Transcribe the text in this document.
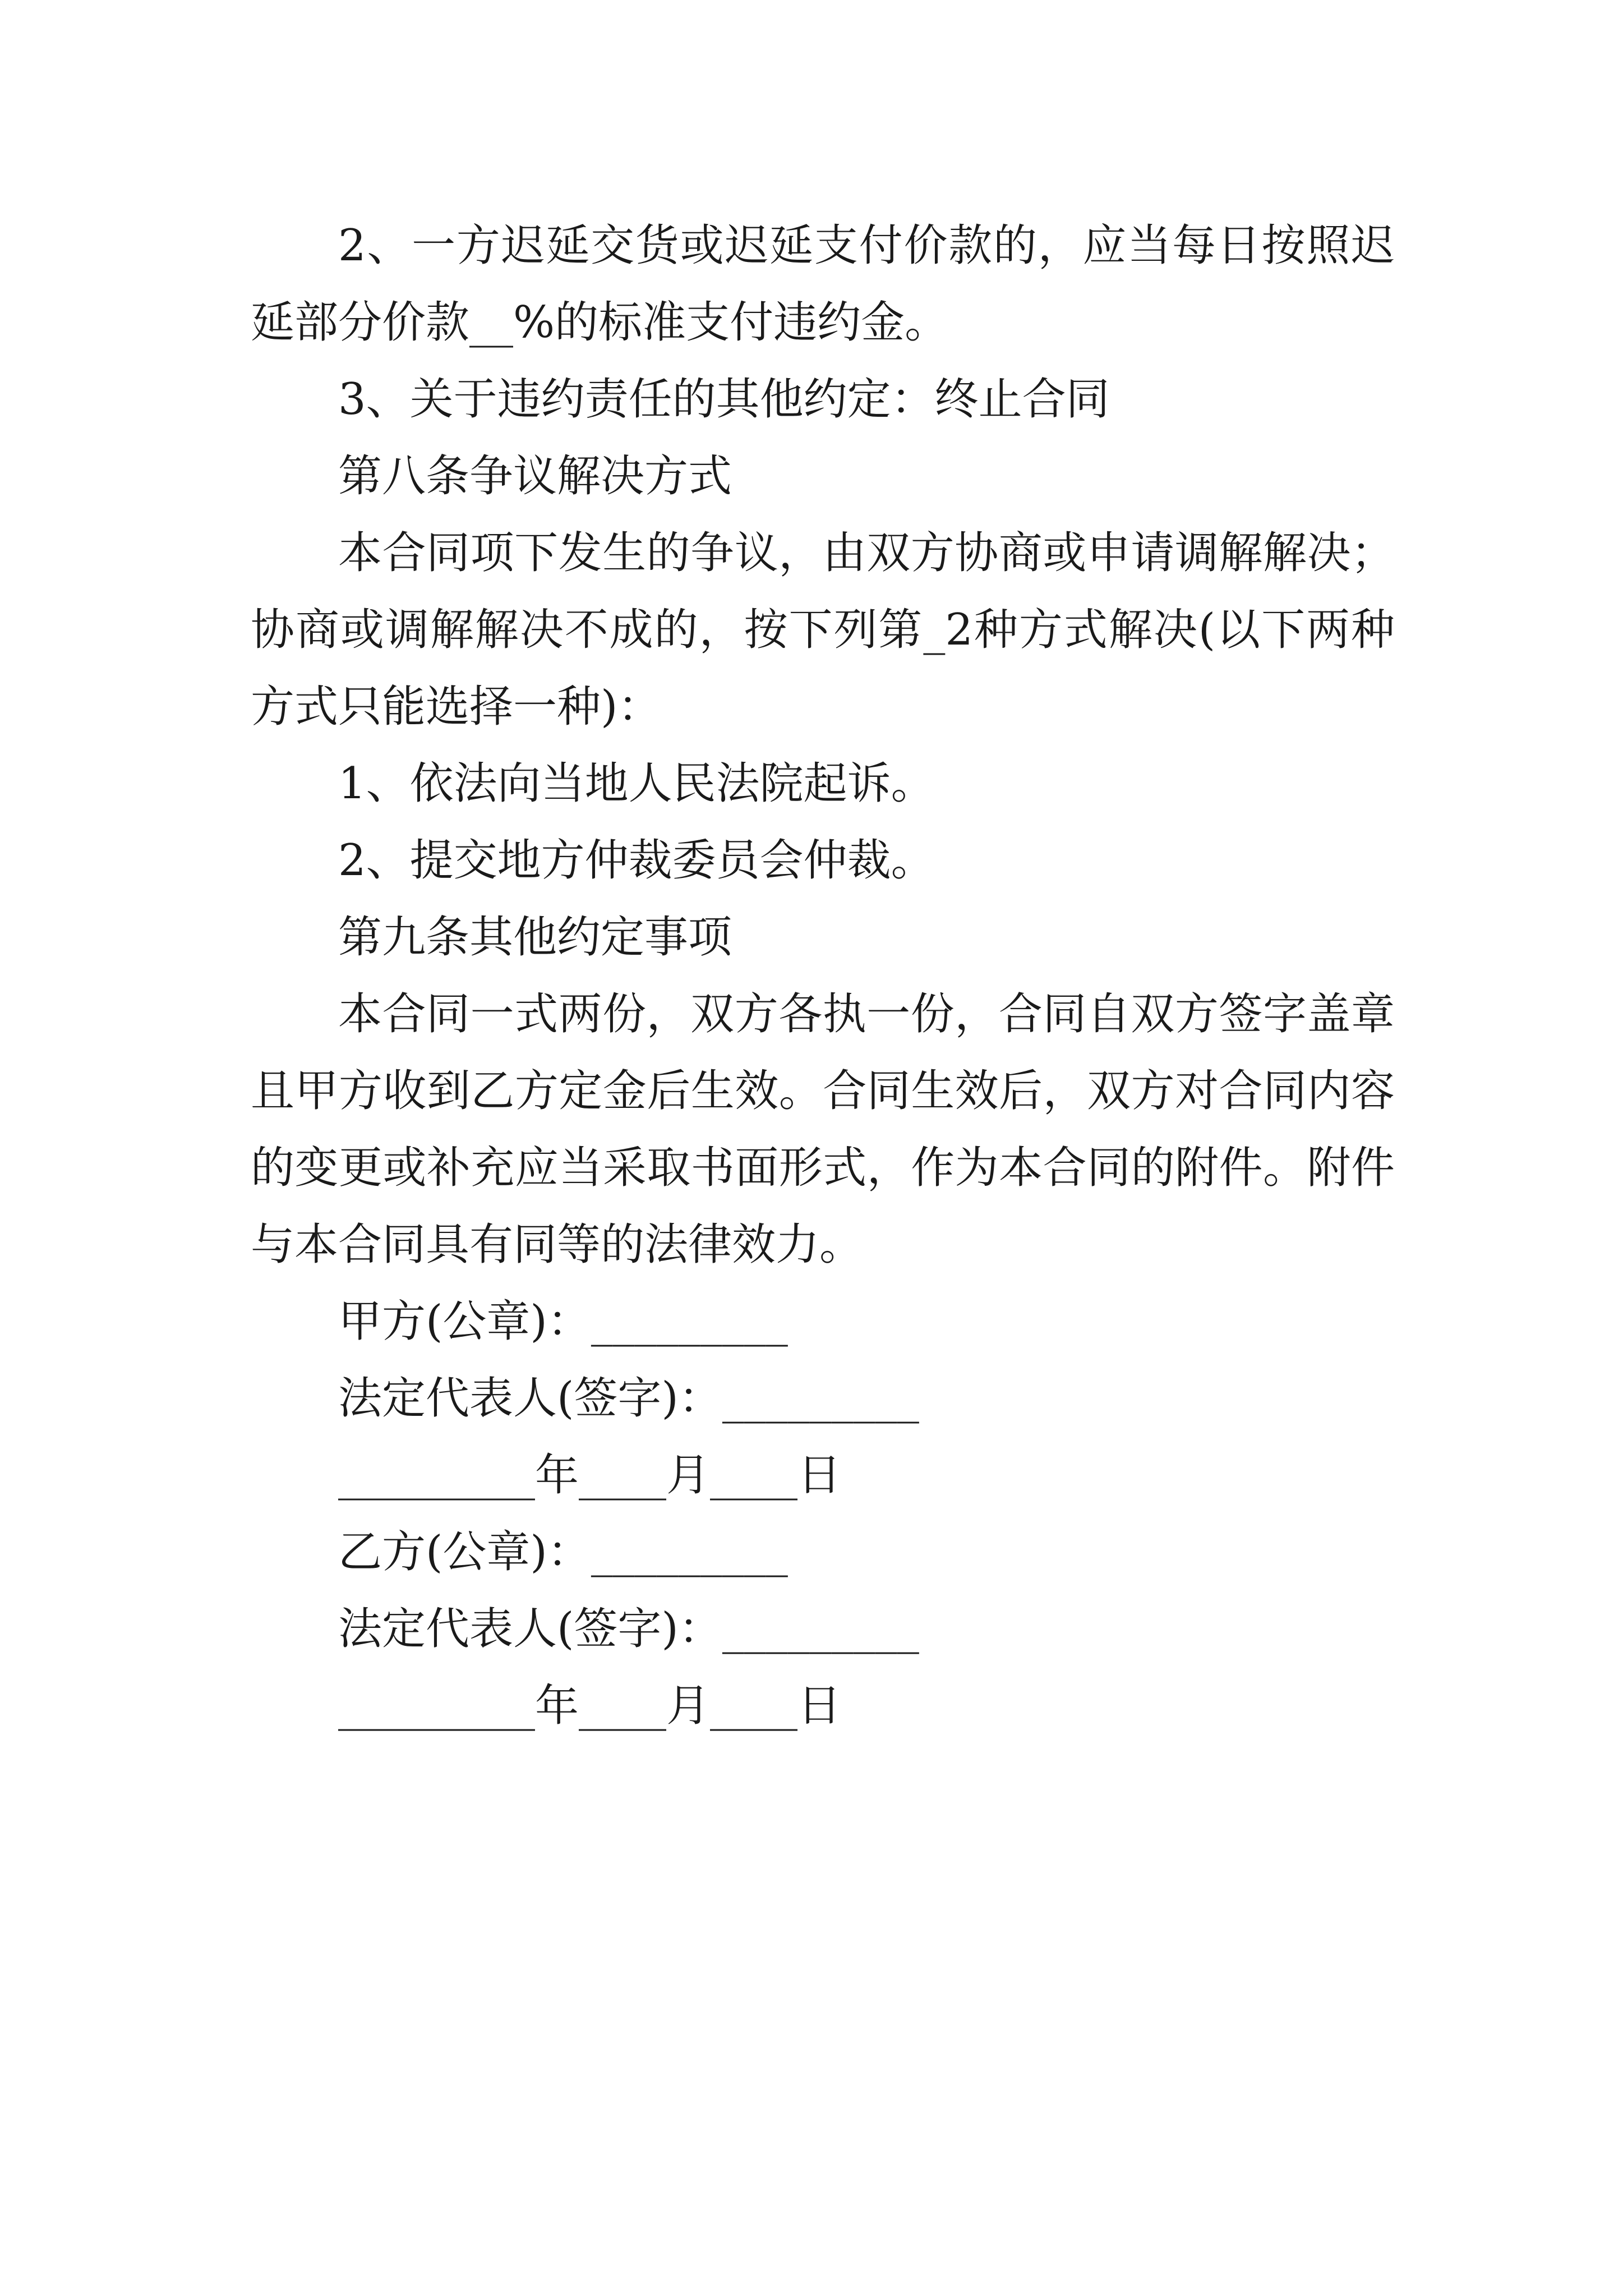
2、一方迟延交货或迟延支付价款的，应当每日按照迟延部分价款__%的标准支付违约金。

3、关于违约责任的其他约定：终止合同

第八条争议解决方式

本合同项下发生的争议，由双方协商或申请调解解决；协商或调解解决不成的，按下列第_2种方式解决(以下两种方式只能选择一种)：

1、依法向当地人民法院起诉。

2、提交地方仲裁委员会仲裁。

第九条其他约定事项

本合同一式两份，双方各执一份，合同自双方签字盖章且甲方收到乙方定金后生效。合同生效后，双方对合同内容的变更或补充应当采取书面形式，作为本合同的附件。附件与本合同具有同等的法律效力。

甲方(公章)：_________

法定代表人(签字)：_________

_________年____月____日

乙方(公章)：_________

法定代表人(签字)：_________

_________年____月____日
